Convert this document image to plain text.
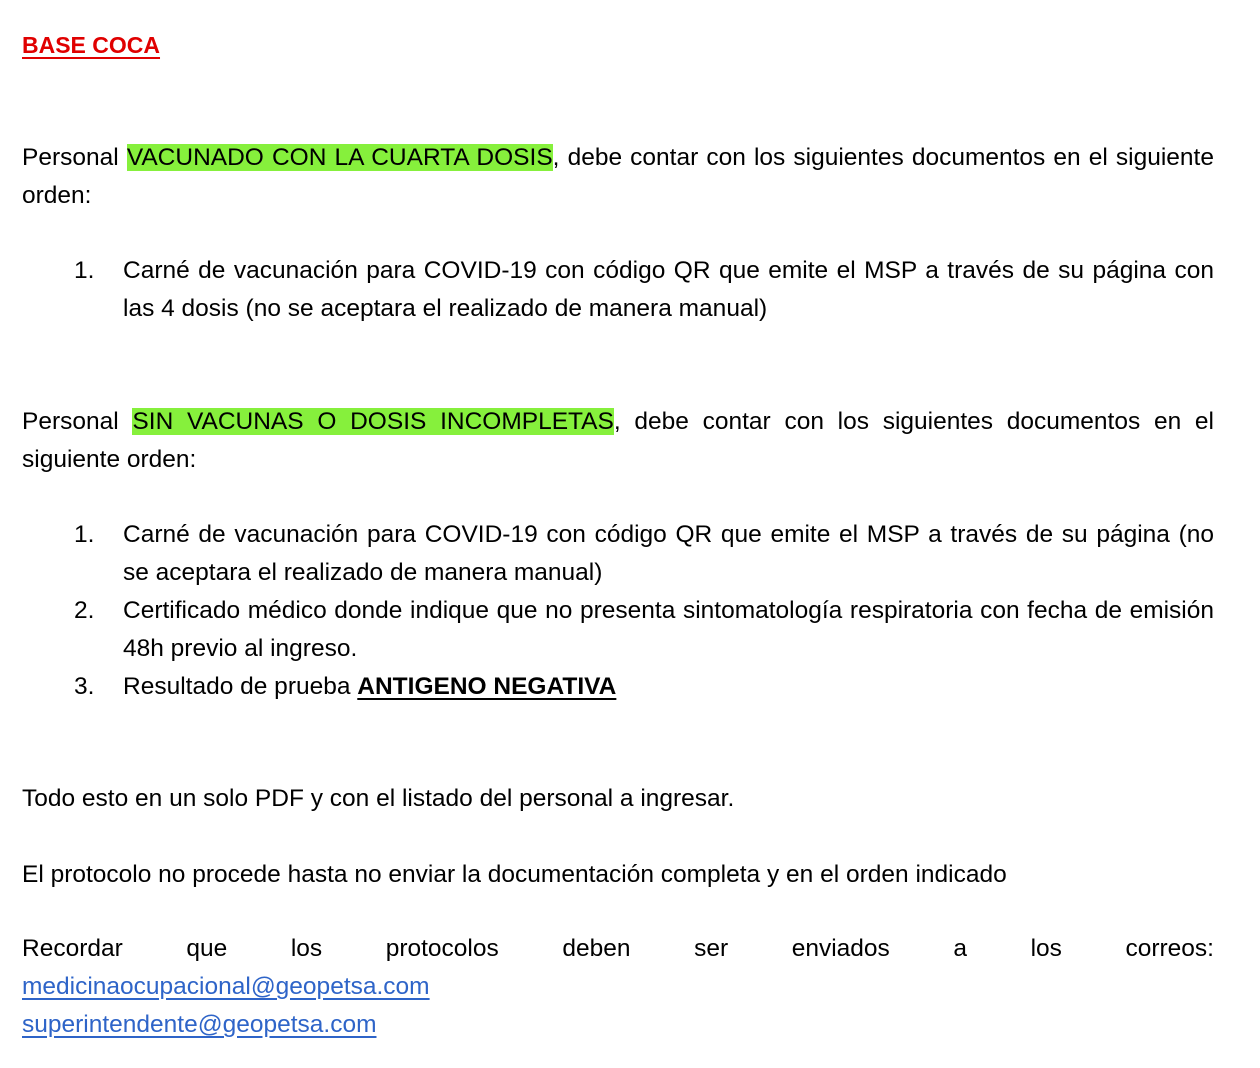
BASE COCA
Personal VACUNADO CON LA CUARTA DOSIS, debe contar con los siguientes documentos en el siguiente orden:
1. Carné de vacunación para COVID-19 con código QR que emite el MSP a través de su página con las 4 dosis (no se aceptara el realizado de manera manual)
Personal SIN VACUNAS O DOSIS INCOMPLETAS, debe contar con los siguientes documentos en el siguiente orden:
1. Carné de vacunación para COVID-19 con código QR que emite el MSP a través de su página (no se aceptara el realizado de manera manual)
2. Certificado médico donde indique que no presenta sintomatología respiratoria con fecha de emisión 48h previo al ingreso.
3. Resultado de prueba ANTIGENO NEGATIVA
Todo esto en un solo PDF y con el listado del personal a ingresar.
El protocolo no procede hasta no enviar la documentación completa y en el orden indicado
Recordar	que	los	protocolos	deben	ser	enviados	a	los	correos:
medicinaocupacional@geopetsa.com
superintendente@geopetsa.com
